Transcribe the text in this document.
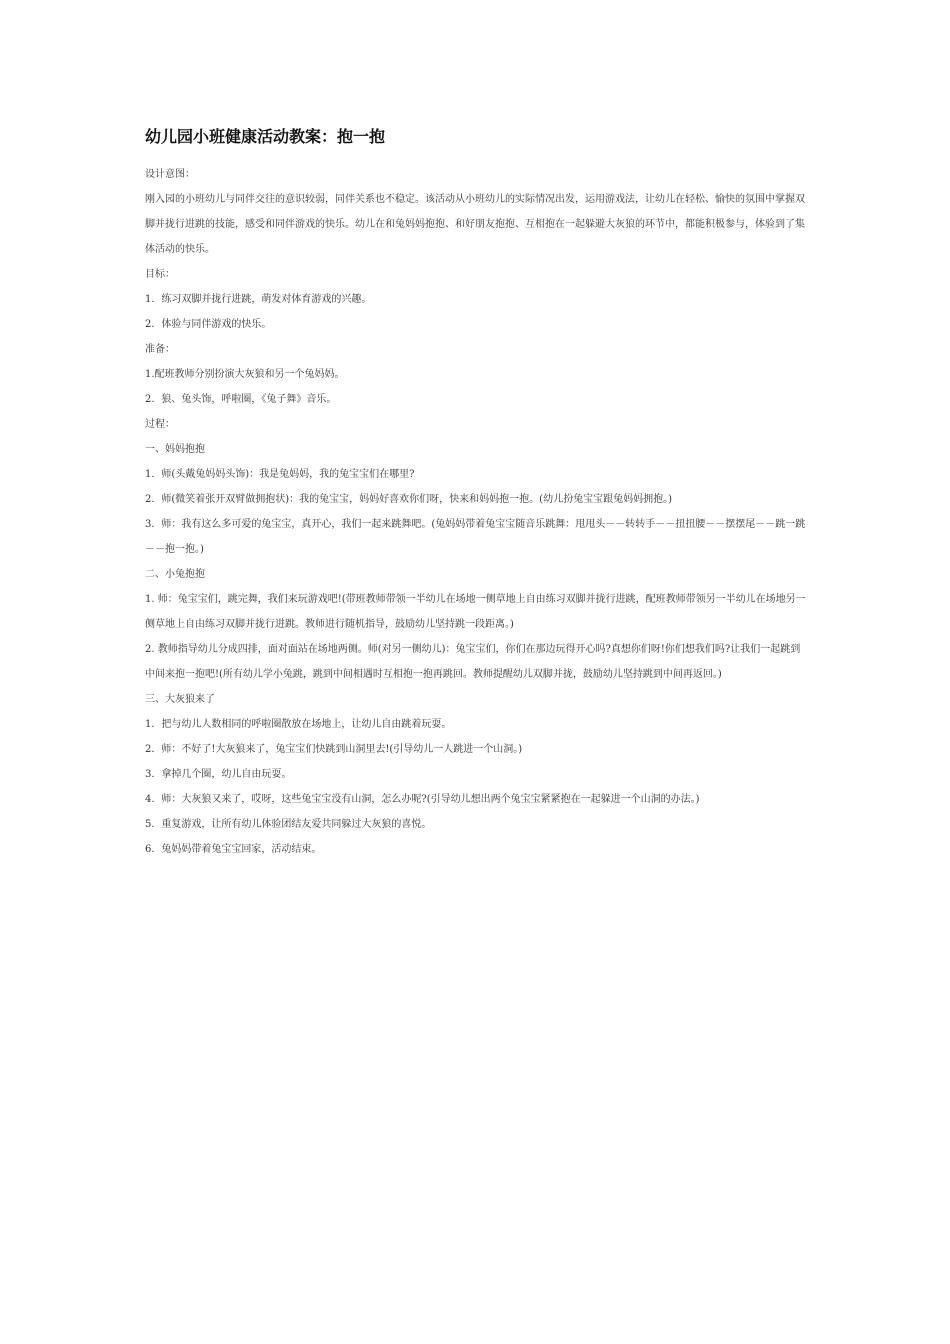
幼儿园小班健康活动教案：抱一抱

设计意图：

刚入园的小班幼儿与同伴交往的意识较弱，同伴关系也不稳定。该活动从小班幼儿的实际情况出发，运用游戏法，让幼儿在轻松、愉快的氛围中掌握双脚并拢行进跳的技能，感受和同伴游戏的快乐。幼儿在和兔妈妈抱抱、和好朋友抱抱、互相抱在一起躲避大灰狼的环节中，都能积极参与，体验到了集体活动的快乐。

目标：

1．练习双脚并拢行进跳，萌发对体育游戏的兴趣。

2．体验与同伴游戏的快乐。

准备：

1.配班教师分别扮演大灰狼和另一个兔妈妈。

2．狼、兔头饰，呼啦圈，《兔子舞》音乐。

过程：

一、妈妈抱抱

1．师(头戴兔妈妈头饰)：我是兔妈妈，我的兔宝宝们在哪里?

2．师(微笑着张开双臂做拥抱状)：我的兔宝宝，妈妈好喜欢你们呀，快来和妈妈抱一抱。(幼儿扮兔宝宝跟兔妈妈拥抱。)

3．师：我有这么多可爱的兔宝宝，真开心，我们一起来跳舞吧。(兔妈妈带着兔宝宝随音乐跳舞：甩甩头－－转转手－－扭扭腰－－摆摆尾－－跳一跳－－抱一抱。)

二、小兔抱抱

1. 师：兔宝宝们，跳完舞，我们来玩游戏吧!(带班教师带领一半幼儿在场地一侧草地上自由练习双脚并拢行进跳，配班教师带领另一半幼儿在场地另一侧草地上自由练习双脚并拢行进跳。教师进行随机指导，鼓励幼儿坚持跳一段距离。)

2. 教师指导幼儿分成四排，面对面站在场地两侧。师(对另一侧幼儿)：兔宝宝们，你们在那边玩得开心吗?真想你们呀!你们想我们吗?让我们一起跳到中间来抱一抱吧!(所有幼儿学小兔跳，跳到中间相遇时互相抱一抱再跳回。教师提醒幼儿双脚并拢，鼓励幼儿坚持跳到中间再返回。)

三、大灰狼来了

1．把与幼儿人数相同的呼啦圈散放在场地上，让幼儿自由跳着玩耍。

2．师：不好了!大灰狼来了，兔宝宝们快跳到山洞里去!(引导幼儿一人跳进一个山洞。)

3．拿掉几个圈，幼儿自由玩耍。

4．师：大灰狼又来了，哎呀，这些兔宝宝没有山洞，怎么办呢?(引导幼儿想出两个兔宝宝紧紧抱在一起躲进一个山洞的办法。)

5．重复游戏，让所有幼儿体验团结友爱共同躲过大灰狼的喜悦。

6．兔妈妈带着兔宝宝回家，活动结束。
